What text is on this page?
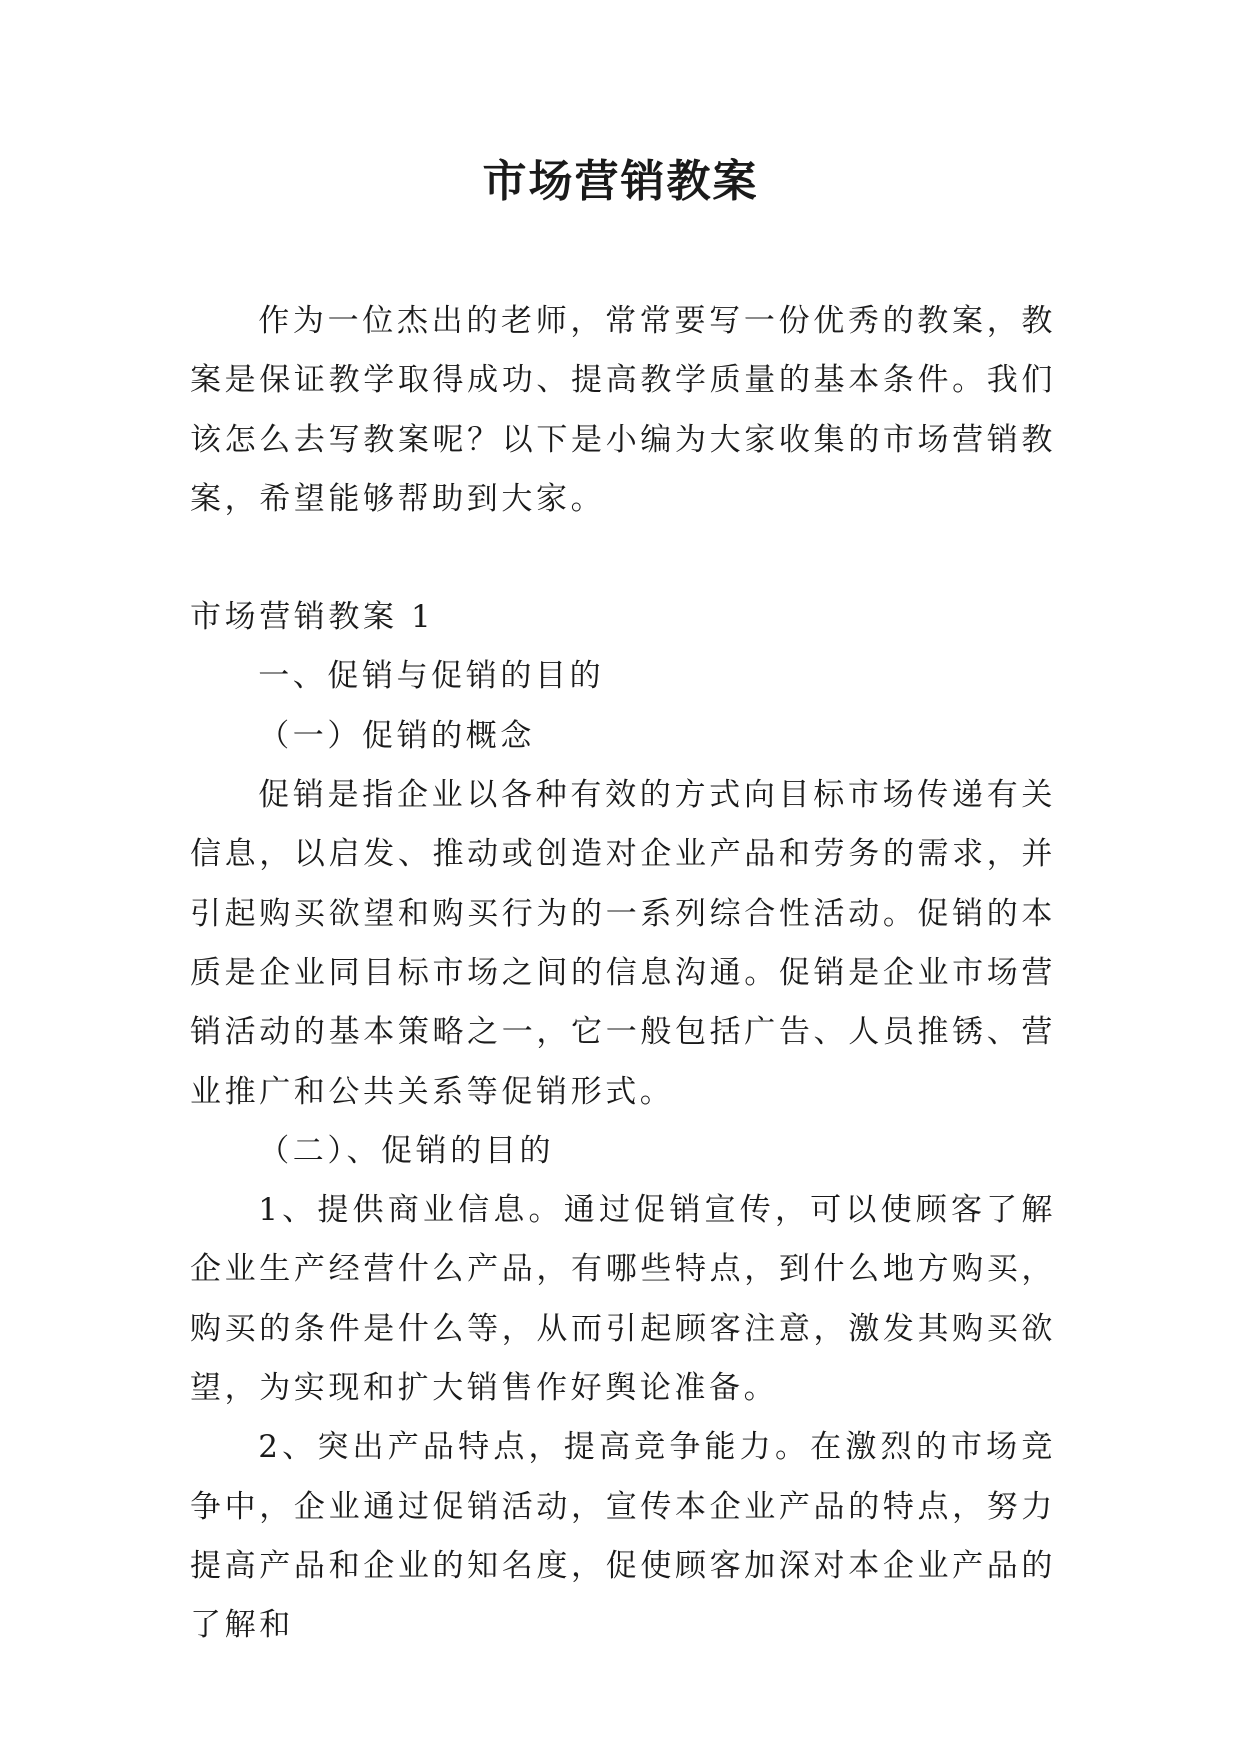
市场营销教案

作为一位杰出的老师，常常要写一份优秀的教案，教案是保证教学取得成功、提高教学质量的基本条件。我们该怎么去写教案呢？以下是小编为大家收集的市场营销教案，希望能够帮助到大家。

市场营销教案 1

一、促销与促销的目的

（一）促销的概念

促销是指企业以各种有效的方式向目标市场传递有关信息，以启发、推动或创造对企业产品和劳务的需求，并引起购买欲望和购买行为的一系列综合性活动。促销的本质是企业同目标市场之间的信息沟通。促销是企业市场营销活动的基本策略之一，它一般包括广告、人员推锈、营业推广和公共关系等促销形式。

（二）、促销的目的

1、提供商业信息。通过促销宣传，可以使顾客了解企业生产经营什么产品，有哪些特点，到什么地方购买，购买的条件是什么等，从而引起顾客注意，激发其购买欲望，为实现和扩大销售作好舆论准备。

2、突出产品特点，提高竞争能力。在激烈的市场竞争中，企业通过促销活动，宣传本企业产品的特点，努力提高产品和企业的知名度，促使顾客加深对本企业产品的了解和
